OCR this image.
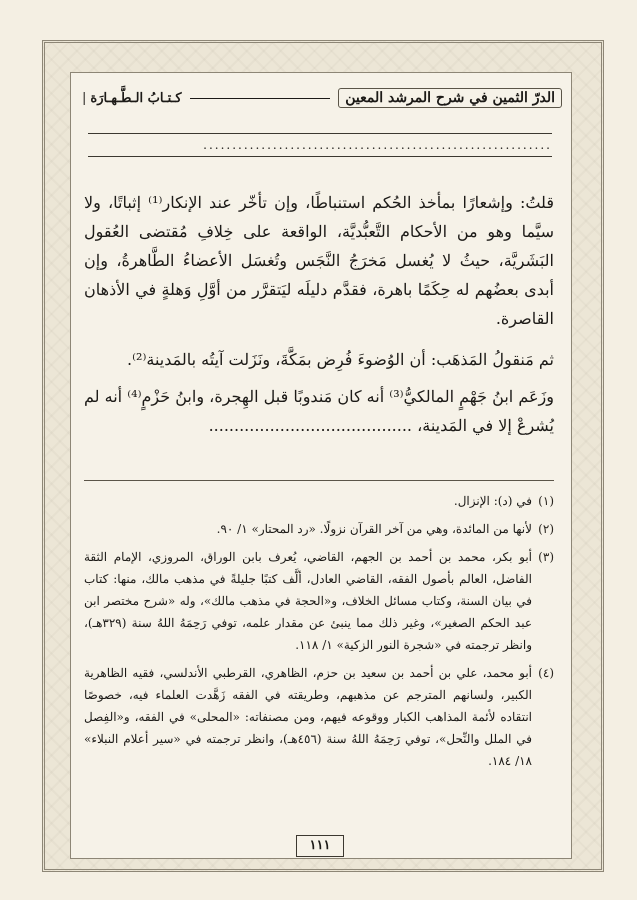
الدرّ الثمين في شرح المرشد المعين
كـتـابُ الـطَّـهـارَة
|
............................................................

قلتُ: وإشعارًا بمأخذ الحُكم استنباطًا، وإن تأخّر عند الإنكار⁽¹⁾ إثباتًا، ولا سيَّما وهو من الأحكام التَّعبُّديَّة، الواقعة على خِلافِ مُقتضى العُقول البَشَريَّة، حيثُ لا يُغسل مَخرَجُ النَّجَس وتُغسَل الأعضاءُ الطَّاهرةُ، وإن أبدى بعضُهم له حِكَمًا باهرة، فقدَّم دليلَه ليَتقرَّر من أوَّلِ وَهلةٍ في الأذهان القاصرة.

ثم مَنقولُ المَذهَب: أن الوُضوءَ فُرِض بمَكَّةَ، ونَزَلت آيتُه بالمَدينة⁽²⁾.

وزَعَم ابنُ جَهْمٍ المالكيُّ⁽³⁾ أنه كان مَندوبًا قبل الهِجرة، وابنُ حَزْمٍ⁽⁴⁾ أنه لم يُشرعْ إلا في المَدينة، ........................................

(١)
في (د): الإنزال.
(٢)
لأنها من المائدة، وهي من آخر القرآن نزولًا. «رد المحتار» ١/ ٩٠.
(٣)
أبو بكر، محمد بن أحمد بن الجهم، القاضي، يُعرف بابن الوراق، المروزي، الإمام الثقة الفاضل، العالم بأصول الفقه، القاضي العادل، ألَّف كتبًا جليلةً في مذهب مالك، منها: كتاب في بيان السنة، وكتاب مسائل الخلاف، و«الحجة في مذهب مالك»، وله «شرح مختصر ابن عبد الحكم الصغير»، وغير ذلك مما ينبئ عن مقدار علمه، توفي رَحِمَهُ اللهُ سنة (٣٢٩هـ)، وانظر ترجمته في «شجرة النور الزكية» ١/ ١١٨.
(٤)
أبو محمد، علي بن أحمد بن سعيد بن حزم، الظاهري، القرطبي الأندلسي، فقيه الظاهرية الكبير، ولسانهم المترجم عن مذهبهم، وطريقته في الفقه زَهَّدت العلماء فيه، خصوصًا انتقاده لأئمة المذاهب الكبار ووقوعه فيهم، ومن مصنفاته: «المحلى» في الفقه، و«الفِصل في الملل والنِّحل»، توفي رَحِمَهُ اللهُ سنة (٤٥٦هـ)، وانظر ترجمته في «سير أعلام النبلاء» ١٨/ ١٨٤.
١١١
